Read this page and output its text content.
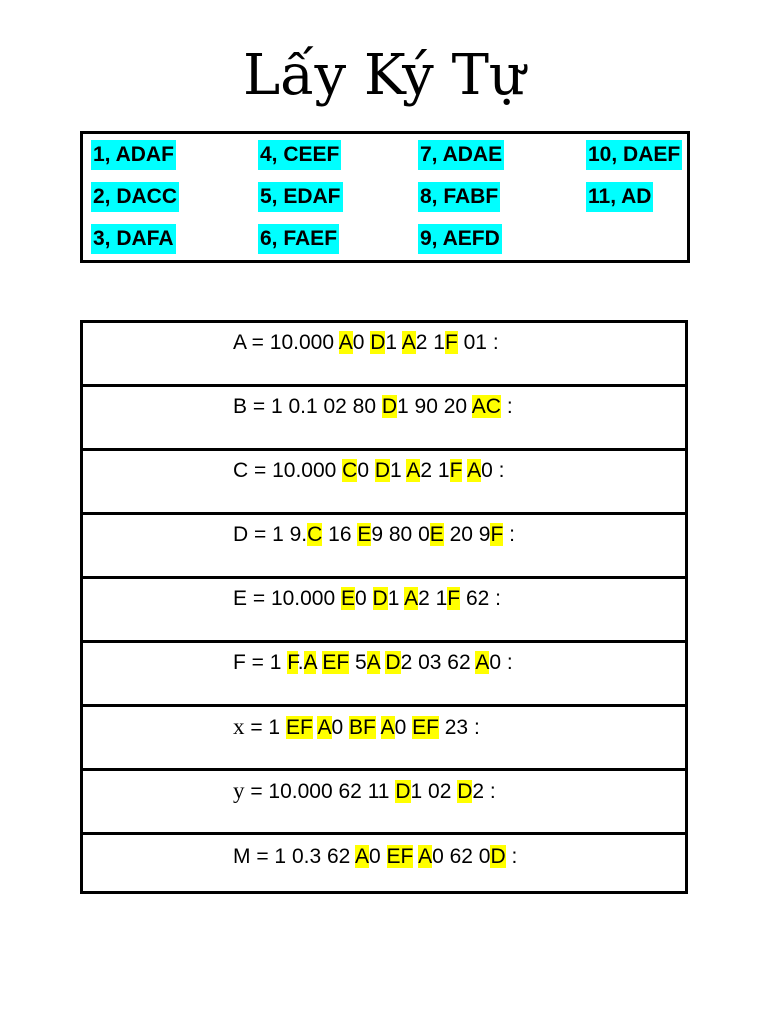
Lấy Ký Tự
1, ADAF	4, CEEF	7, ADAE	10, DAEF
2, DACC	5, EDAF	8, FABF	11, AD
3, DAFA	6, FAEF	9, AEFD
A = 10.000 A0 D1 A2 1F 01 :
B = 1 0.1 02 80 D1 90 20 AC :
C = 10.000 C0 D1 A2 1F A0 :
D = 1 9.C 16 E9 80 0E 20 9F :
E = 10.000 E0 D1 A2 1F 62 :
F = 1 F.A EF 5A D2 03 62 A0 :
x = 1 EF A0 BF A0 EF 23 :
y = 10.000 62 11 D1 02 D2 :
M = 1 0.3 62 A0 EF A0 62 0D :
